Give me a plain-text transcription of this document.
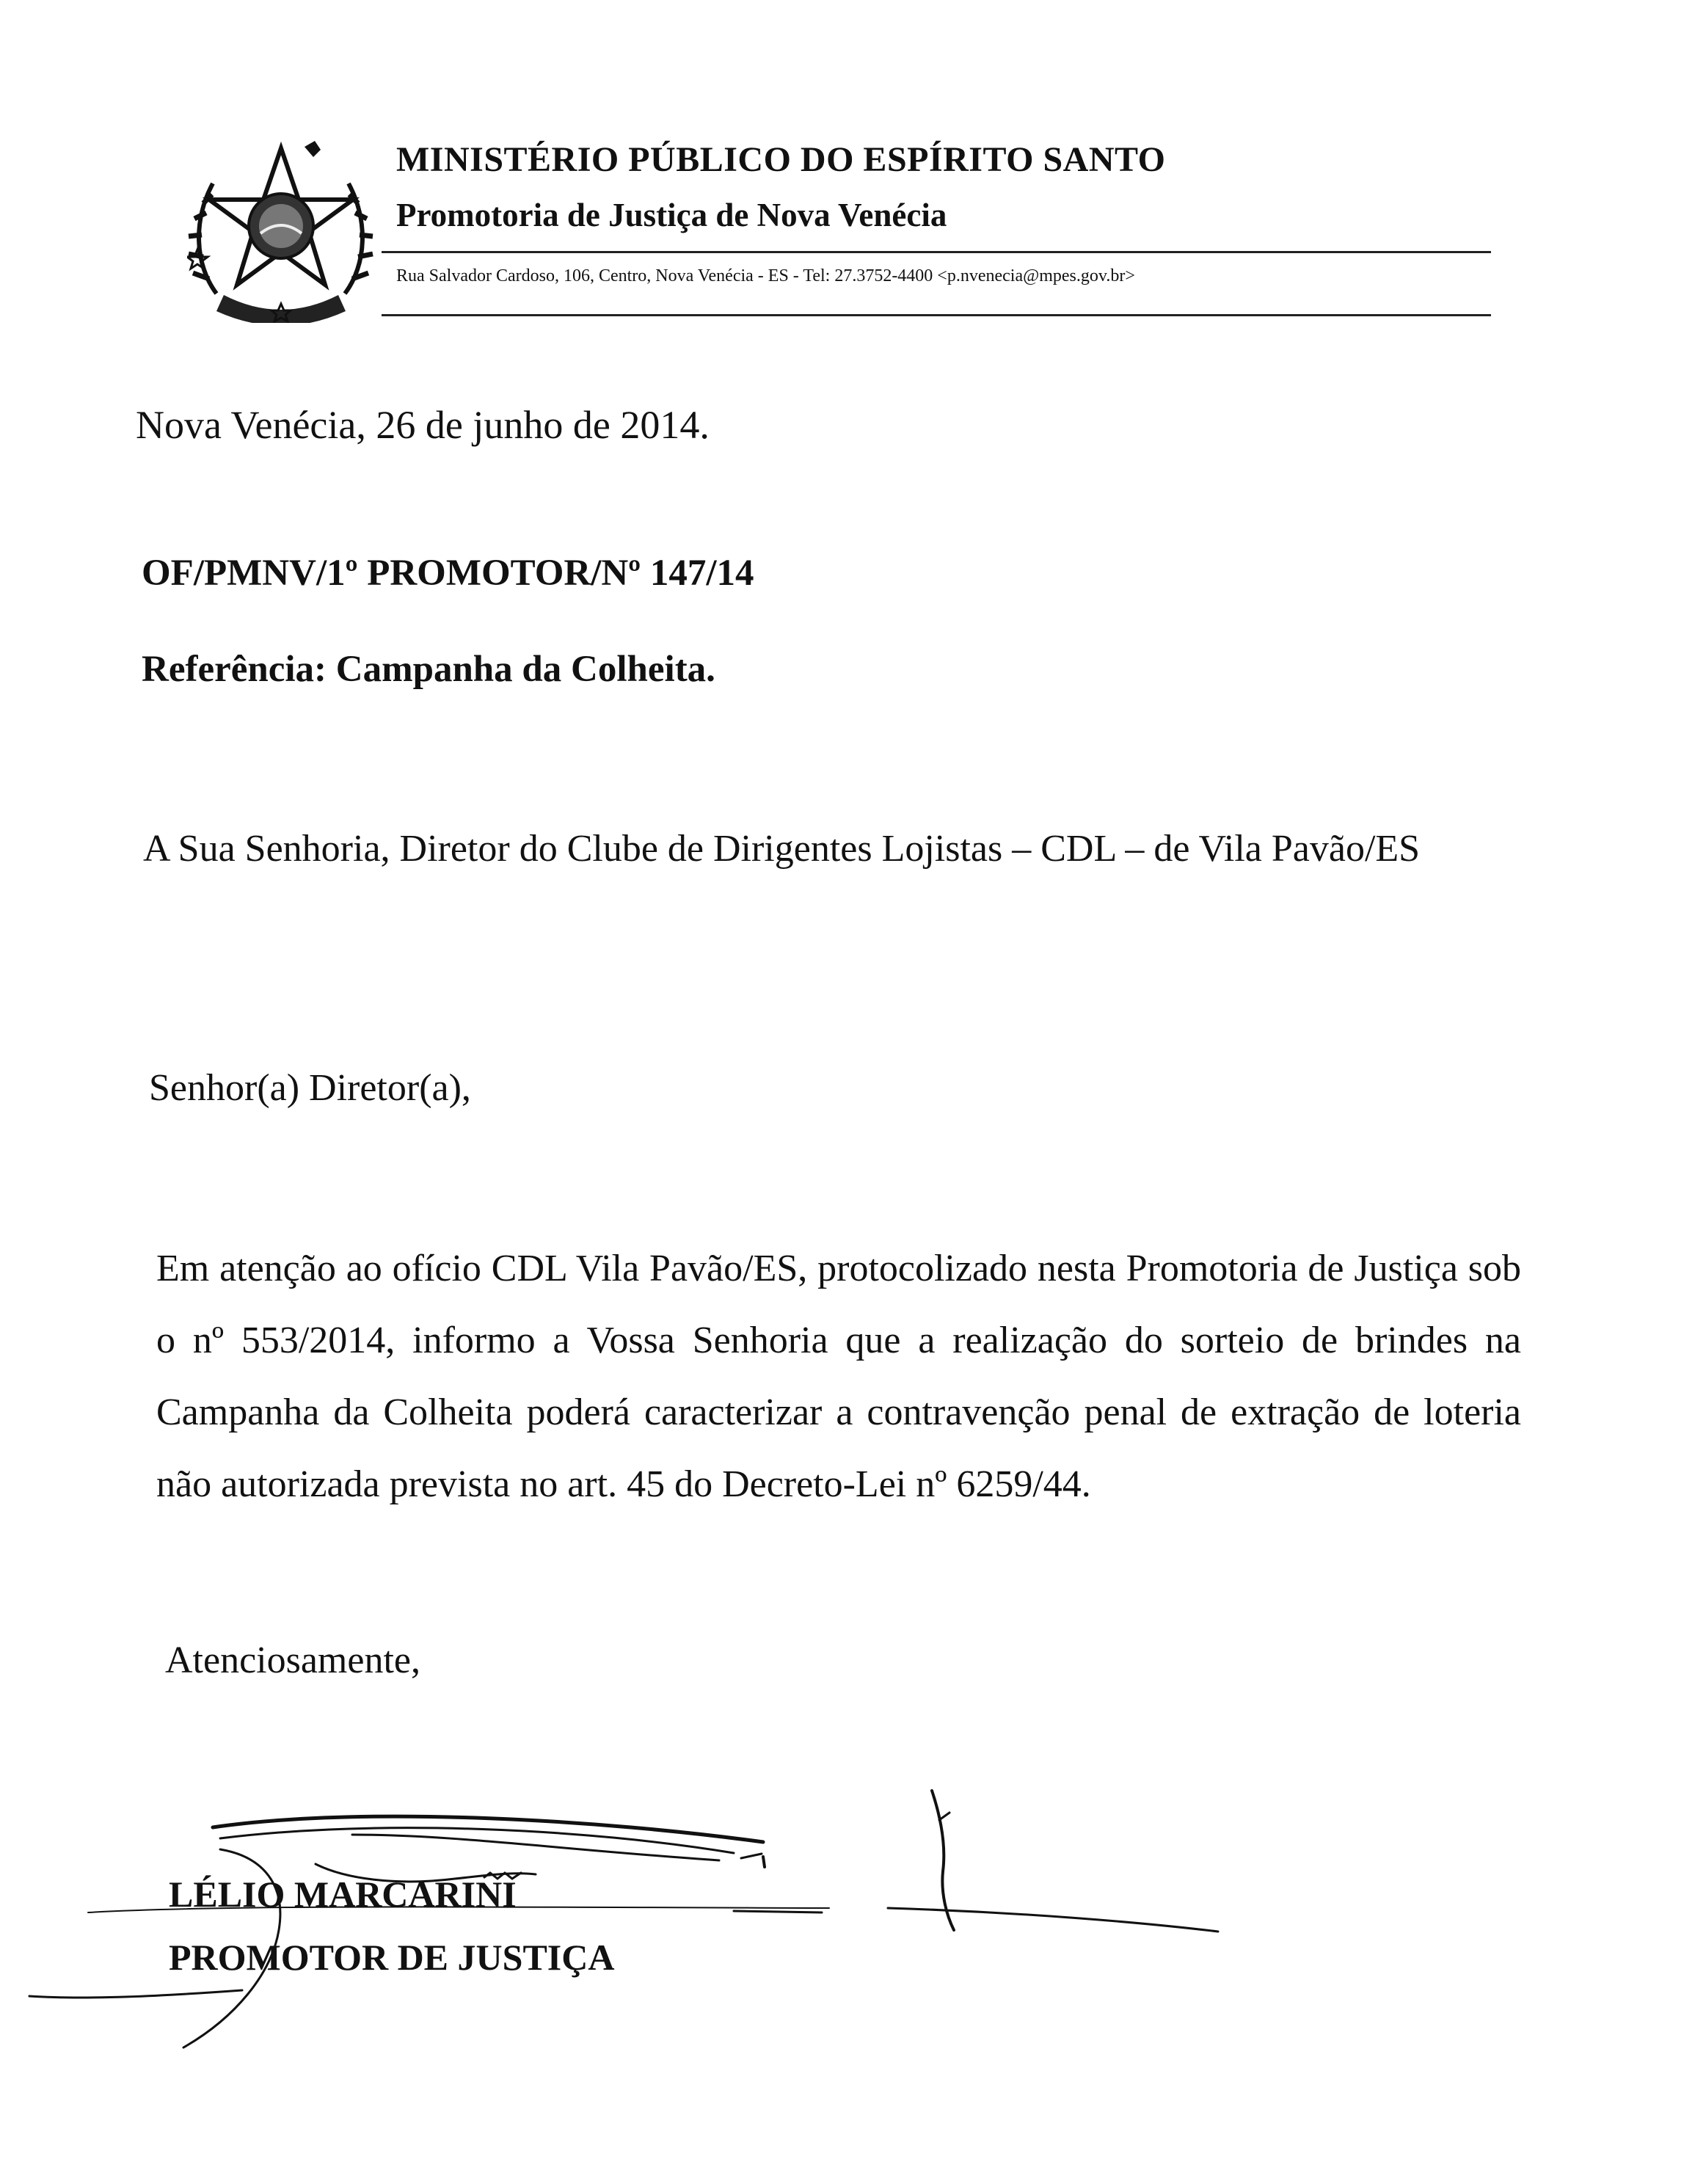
MINISTÉRIO PÚBLICO DO ESPÍRITO SANTO
Promotoria de Justiça de Nova Venécia
Rua Salvador Cardoso, 106, Centro, Nova Venécia - ES - Tel: 27.3752-4400 <p.nvenecia@mpes.gov.br>
Nova Venécia, 26 de junho de 2014.
OF/PMNV/1º PROMOTOR/Nº 147/14
Referência: Campanha da Colheita.
A Sua Senhoria, Diretor do Clube de Dirigentes Lojistas – CDL – de Vila Pavão/ES
Senhor(a) Diretor(a),
Em atenção ao ofício CDL Vila Pavão/ES, protocolizado nesta Promotoria de Justiça sob o nº 553/2014, informo a Vossa Senhoria que a realização do sorteio de brindes na Campanha da Colheita poderá caracterizar a contravenção penal de extração de loteria não autorizada prevista no art. 45 do Decreto-Lei nº 6259/44.
Atenciosamente,
LÉLIO MARCARINI
PROMOTOR DE JUSTIÇA
